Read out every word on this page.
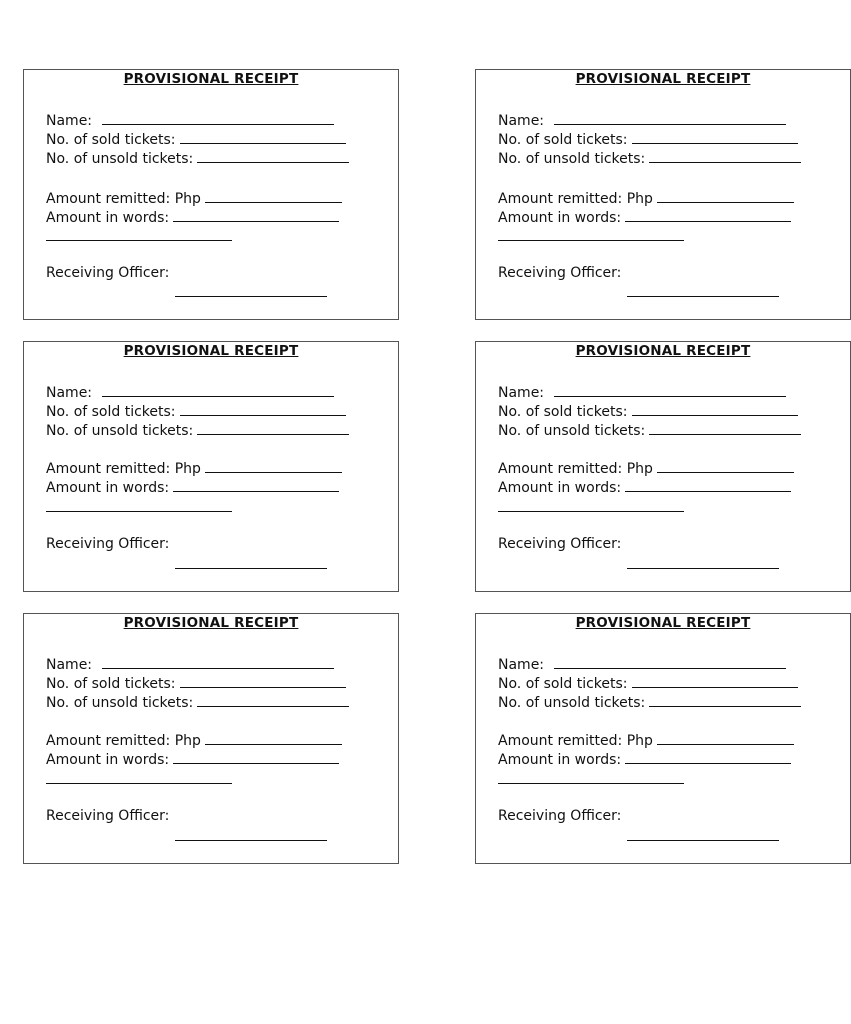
PROVISIONAL RECEIPT
Name:
No. of sold tickets:
No. of unsold tickets:
Amount remitted: Php
Amount in words:
Receiving Officer:
PROVISIONAL RECEIPT
Name:
No. of sold tickets:
No. of unsold tickets:
Amount remitted: Php
Amount in words:
Receiving Officer:
PROVISIONAL RECEIPT
Name:
No. of sold tickets:
No. of unsold tickets:
Amount remitted: Php
Amount in words:
Receiving Officer:
PROVISIONAL RECEIPT
Name:
No. of sold tickets:
No. of unsold tickets:
Amount remitted: Php
Amount in words:
Receiving Officer:
PROVISIONAL RECEIPT
Name:
No. of sold tickets:
No. of unsold tickets:
Amount remitted: Php
Amount in words:
Receiving Officer:
PROVISIONAL RECEIPT
Name:
No. of sold tickets:
No. of unsold tickets:
Amount remitted: Php
Amount in words:
Receiving Officer:
